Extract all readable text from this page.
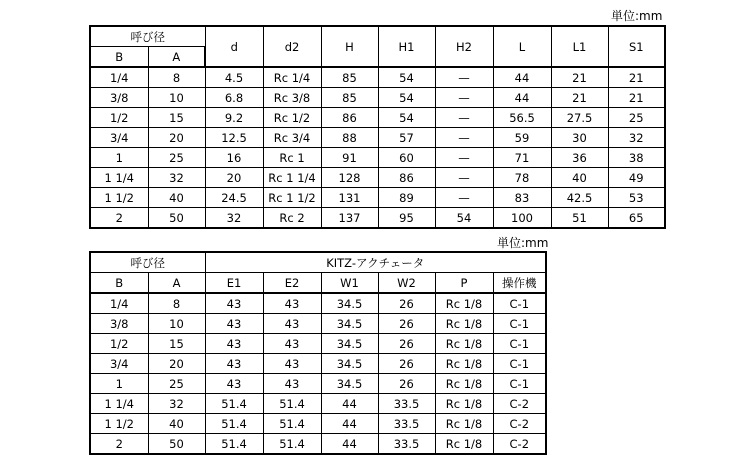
単位:mm
呼び径		d	d2	H	H1	H2	L	L1	S1
B	A								
1/4	8	4.5	Rc 1/4	85	54	—	44	21	21
3/8	10	6.8	Rc 3/8	85	54	—	44	21	21
1/2	15	9.2	Rc 1/2	86	54	—	56.5	27.5	25
3/4	20	12.5	Rc 3/4	88	57	—	59	30	32
1	25	16	Rc 1	91	60	—	71	36	38
1 1/4	32	20	Rc 1 1/4	128	86	—	78	40	49
1 1/2	40	24.5	Rc 1 1/2	131	89	—	83	42.5	53
2	50	32	Rc 2	137	95	54	100	51	65
単位:mm
呼び径		KITZ-アクチェータ					
B	A	E1	E2	W1	W2	P	操作機
1/4	8	43	43	34.5	26	Rc 1/8	C-1
3/8	10	43	43	34.5	26	Rc 1/8	C-1
1/2	15	43	43	34.5	26	Rc 1/8	C-1
3/4	20	43	43	34.5	26	Rc 1/8	C-1
1	25	43	43	34.5	26	Rc 1/8	C-1
1 1/4	32	51.4	51.4	44	33.5	Rc 1/8	C-2
1 1/2	40	51.4	51.4	44	33.5	Rc 1/8	C-2
2	50	51.4	51.4	44	33.5	Rc 1/8	C-2
